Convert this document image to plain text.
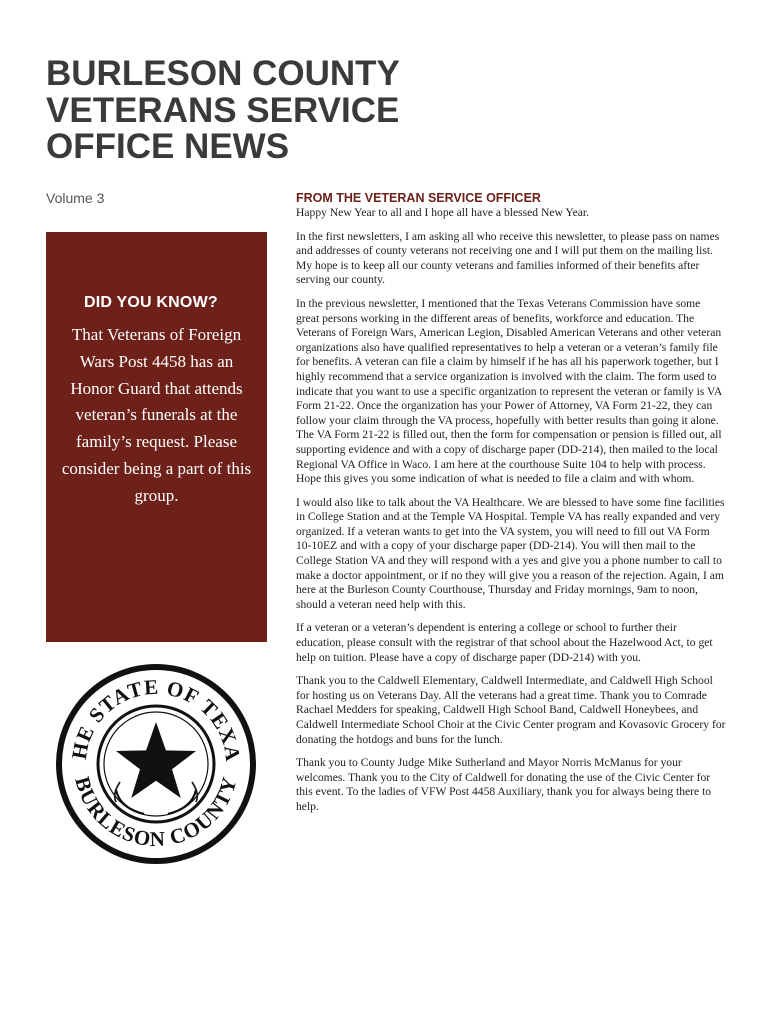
BURLESON COUNTY
VETERANS SERVICE
OFFICE NEWS
Volume 3
DID YOU KNOW?

That Veterans of Foreign Wars Post 4458 has an Honor Guard that attends veteran’s funerals at the family’s request. Please consider being a part of this group.

HE STATE OF TEXA
BURLESON COUNTY
FROM THE VETERAN SERVICE OFFICER

Happy New Year to all and I hope all have a blessed New Year.

In the first newsletters, I am asking all who receive this newsletter, to please pass on names and addresses of county veterans not receiving one and I will put them on the mailing list. My hope is to keep all our county veterans and families informed of their benefits after serving our county.

In the previous newsletter, I mentioned that the Texas Veterans Commission have some great persons working in the different areas of benefits, workforce and education. The Veterans of Foreign Wars, American Legion, Disabled American Veterans and other veteran organizations also have qualified representatives to help a veteran or a veteran’s family file for benefits. A veteran can file a claim by himself if he has all his paperwork together, but I highly recommend that a service organization is involved with the claim. The form used to indicate that you want to use a specific organization to represent the veteran or family is VA Form 21-22. Once the organization has your Power of Attorney, VA Form 21-22, they can follow your claim through the VA process, hopefully with better results than going it alone. The VA Form 21-22 is filled out, then the form for compensation or pension is filled out, all supporting evidence and with a copy of discharge paper (DD-214), then mailed to the local Regional VA Office in Waco. I am here at the courthouse Suite 104 to help with process. Hope this gives you some indication of what is needed to file a claim and with whom.

I would also like to talk about the VA Healthcare. We are blessed to have some fine facilities in College Station and at the Temple VA Hospital. Temple VA has really expanded and very organized. If a veteran wants to get into the VA system, you will need to fill out VA Form 10-10EZ and with a copy of your discharge paper (DD-214). You will then mail to the College Station VA and they will respond with a yes and give you a phone number to call to make a doctor appointment, or if no they will give you a reason of the rejection. Again, I am here at the Burleson County Courthouse, Thursday and Friday mornings, 9am to noon, should a veteran need help with this.

If a veteran or a veteran’s dependent is entering a college or school to further their education, please consult with the registrar of that school about the Hazelwood Act, to get help on tuition. Please have a copy of discharge paper (DD-214) with you.

Thank you to the Caldwell Elementary, Caldwell Intermediate, and Caldwell High School for hosting us on Veterans Day. All the veterans had a great time. Thank you to Comrade Rachael Medders for speaking, Caldwell High School Band, Caldwell Honeybees, and Caldwell Intermediate School Choir at the Civic Center program and Kovasovic Grocery for donating the hotdogs and buns for the lunch.

Thank you to County Judge Mike Sutherland and Mayor Norris McManus for your welcomes. Thank you to the City of Caldwell for donating the use of the Civic Center for this event. To the ladies of VFW Post 4458 Auxiliary, thank you for always being there to help.
